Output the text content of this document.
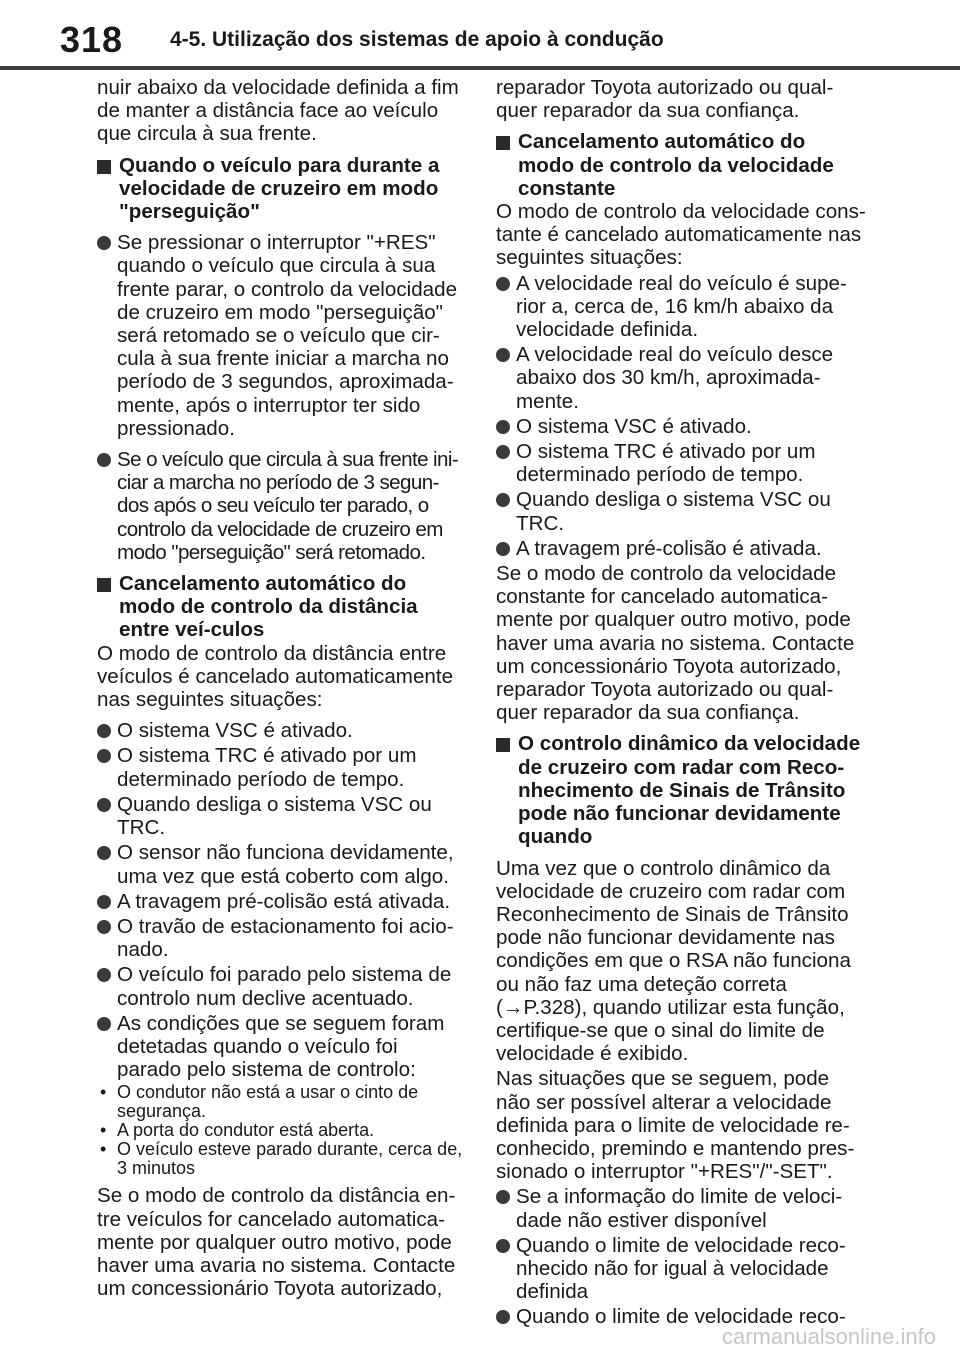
318 4-5. Utilização dos sistemas de apoio à condução

nuir abaixo da velocidade definida a fim de manter a distância face ao veículo que circula à sua frente.

Quando o veículo para durante a velocidade de cruzeiro em modo "perseguição"
Se pressionar o interruptor "+RES" quando o veículo que circula à sua frente parar, o controlo da velocidade de cruzeiro em modo "perseguição" será retomado se o veículo que cir-cula à sua frente iniciar a marcha no período de 3 segundos, aproximada-mente, após o interruptor ter sido pressionado.
Se o veículo que circula à sua frente ini-ciar a marcha no período de 3 segun-dos após o seu veículo ter parado, o controlo da velocidade de cruzeiro em modo "perseguição" será retomado.
Cancelamento automático do modo de controlo da distância entre veí-culos

O modo de controlo da distância entre veículos é cancelado automaticamente nas seguintes situações:

O sistema VSC é ativado.
O sistema TRC é ativado por um determinado período de tempo.
Quando desliga o sistema VSC ou TRC.
O sensor não funciona devidamente, uma vez que está coberto com algo.
A travagem pré-colisão está ativada.
O travão de estacionamento foi acio-nado.
O veículo foi parado pelo sistema de controlo num declive acentuado.
As condições que se seguem foram detetadas quando o veículo foi parado pelo sistema de controlo:
• O condutor não está a usar o cinto de segurança.
• A porta do condutor está aberta.
• O veículo esteve parado durante, cerca de, 3 minutos

Se o modo de controlo da distância en-tre veículos for cancelado automatica-mente por qualquer outro motivo, pode haver uma avaria no sistema. Contacte um concessionário Toyota autorizado,

reparador Toyota autorizado ou qual-quer reparador da sua confiança.

Cancelamento automático do modo de controlo da velocidade constante

O modo de controlo da velocidade cons-tante é cancelado automaticamente nas seguintes situações:

A velocidade real do veículo é supe-rior a, cerca de, 16 km/h abaixo da velocidade definida.
A velocidade real do veículo desce abaixo dos 30 km/h, aproximada-mente.
O sistema VSC é ativado.
O sistema TRC é ativado por um determinado período de tempo.
Quando desliga o sistema VSC ou TRC.
A travagem pré-colisão é ativada.

Se o modo de controlo da velocidade constante for cancelado automatica-mente por qualquer outro motivo, pode haver uma avaria no sistema. Contacte um concessionário Toyota autorizado, reparador Toyota autorizado ou qual-quer reparador da sua confiança.

O controlo dinâmico da velocidade de cruzeiro com radar com Reco-nhecimento de Sinais de Trânsito pode não funcionar devidamente quando

Uma vez que o controlo dinâmico da velocidade de cruzeiro com radar com Reconhecimento de Sinais de Trânsito pode não funcionar devidamente nas condições em que o RSA não funciona ou não faz uma deteção correta (→P.328), quando utilizar esta função, certifique-se que o sinal do limite de velocidade é exibido.

Nas situações que se seguem, pode não ser possível alterar a velocidade definida para o limite de velocidade re-conhecido, premindo e mantendo pres-sionado o interruptor "+RES"/"-SET".

Se a informação do limite de veloci-dade não estiver disponível
Quando o limite de velocidade reco-nhecido não for igual à velocidade definida
Quando o limite de velocidade reco-
carmanualsonline.info
